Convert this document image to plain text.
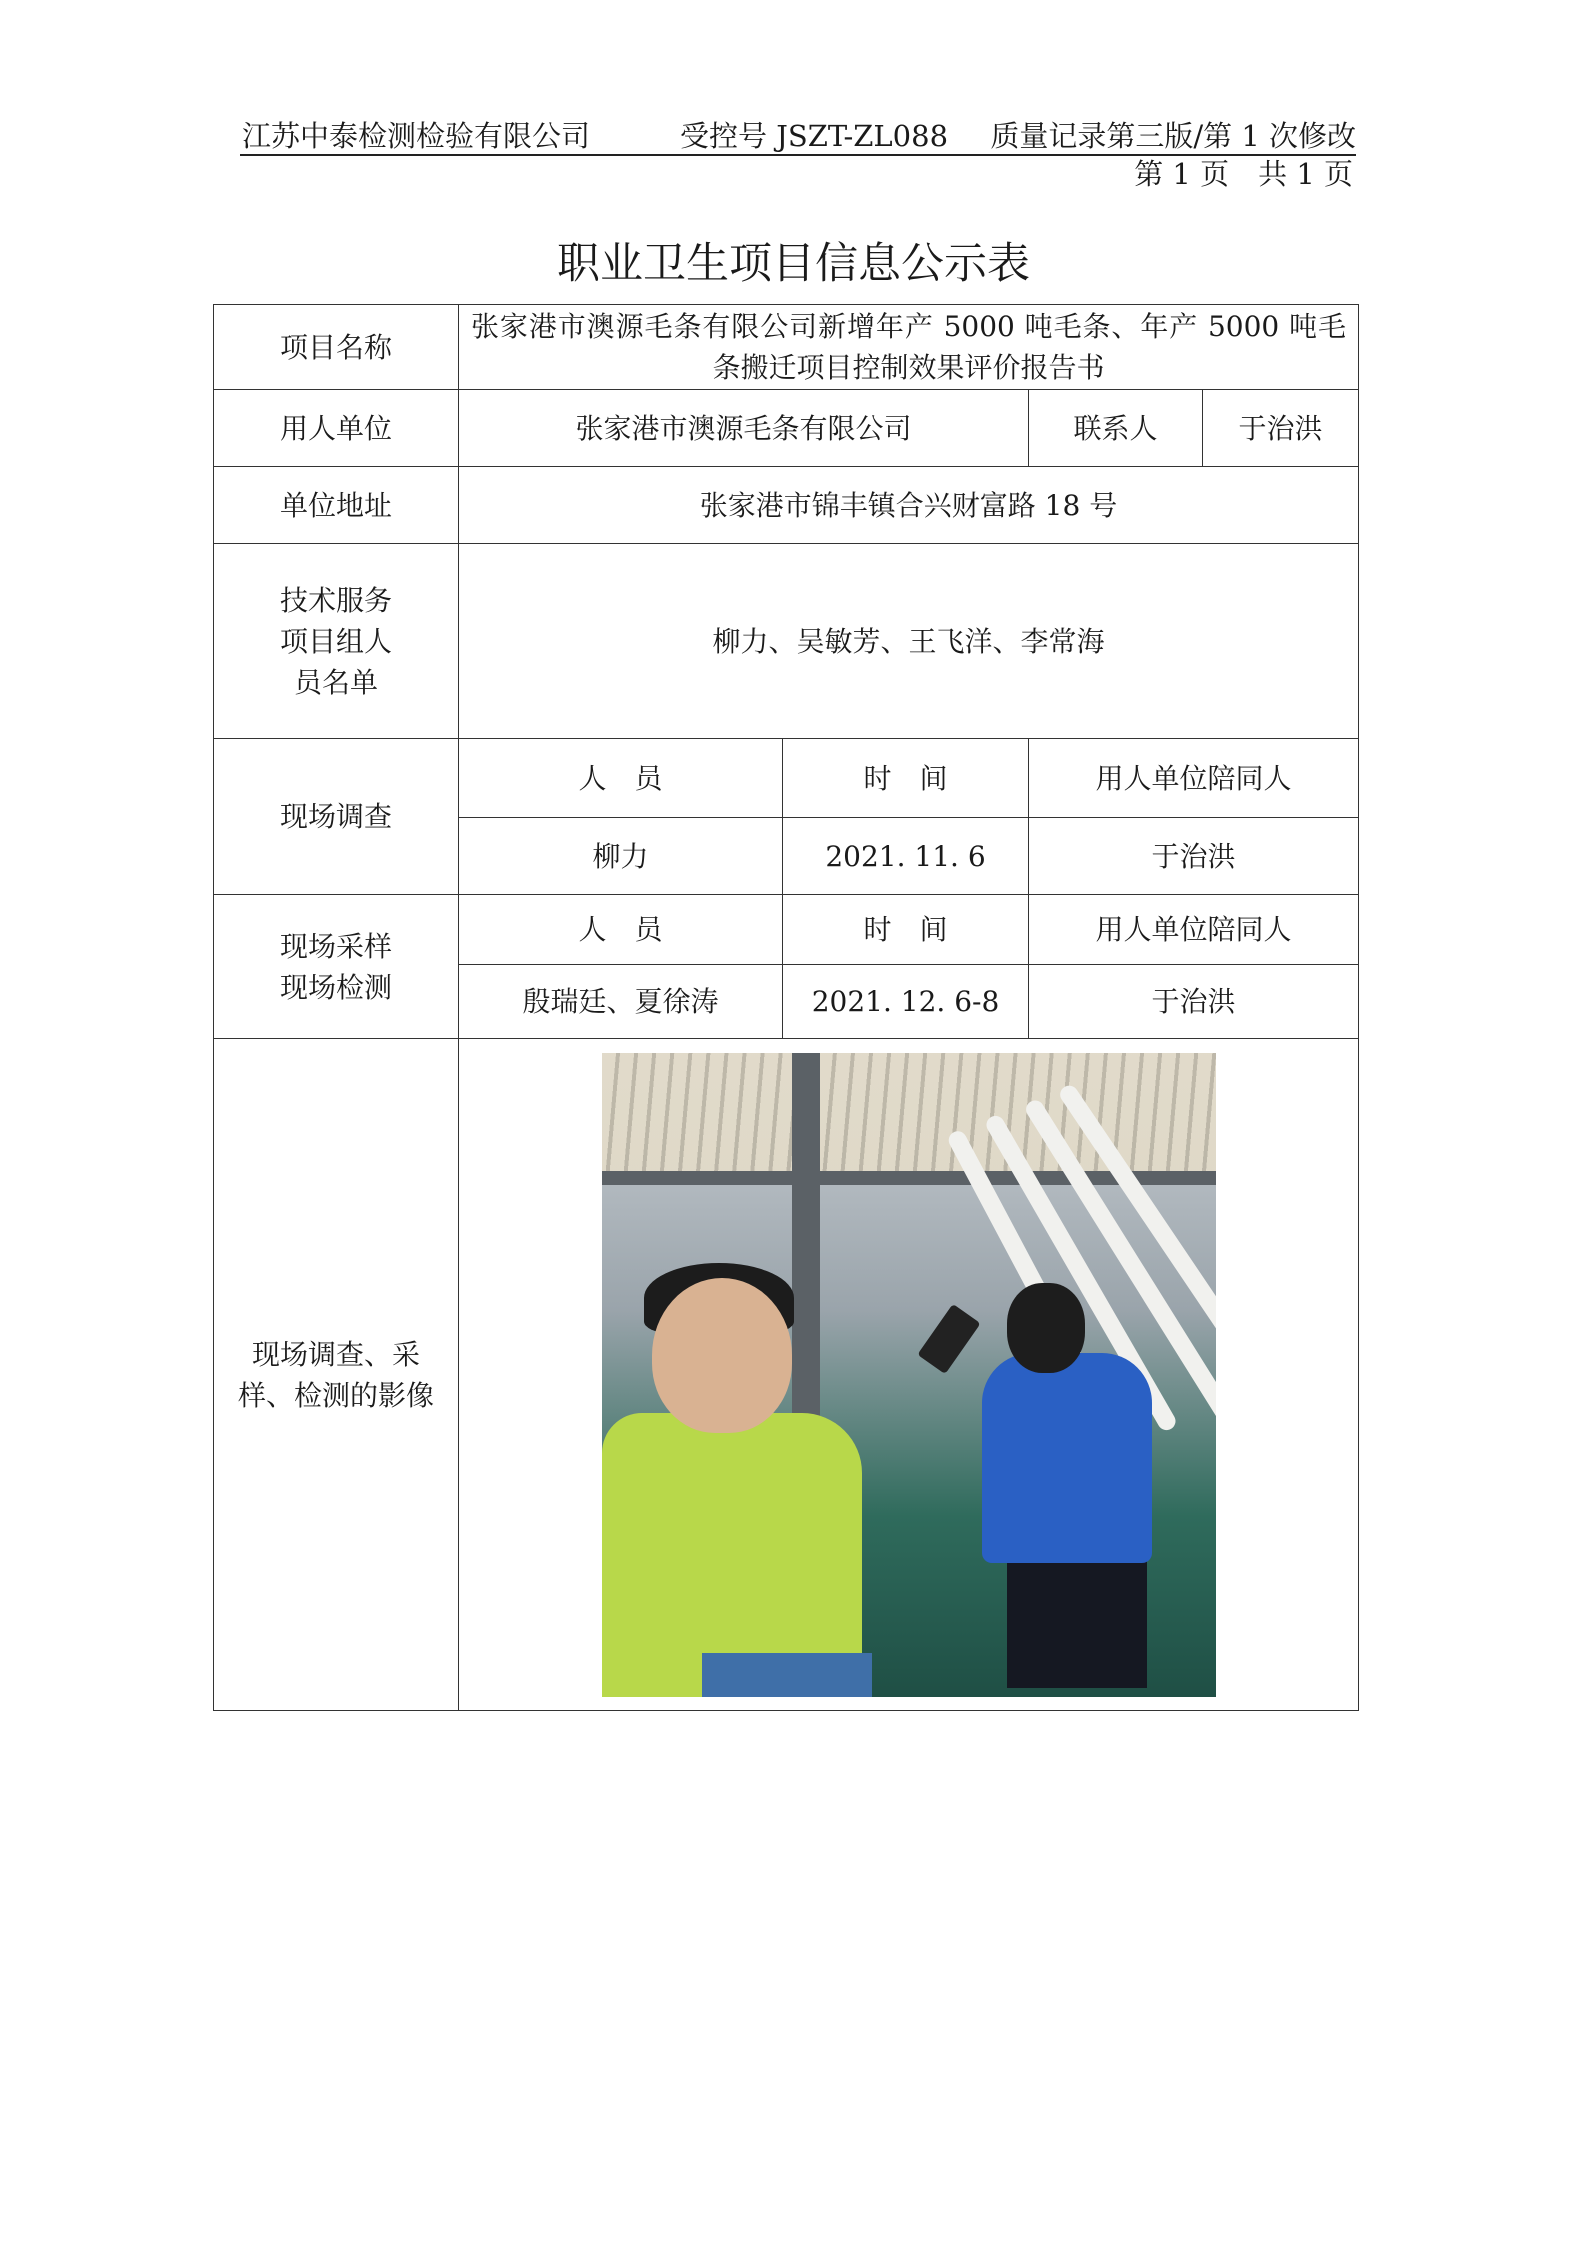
江苏中泰检测检验有限公司	受控号 JSZT-ZL088 质量记录第三版/第 1 次修改
第 1 页　共 1 页
职业卫生项目信息公示表
项目名称	张家港市澳源毛条有限公司新增年产 5000 吨毛条、年产 5000 吨毛条搬迁项目控制效果评价报告书			
用人单位	张家港市澳源毛条有限公司		联系人	于治洪
单位地址	张家港市锦丰镇合兴财富路 18 号			
技术服务项目组人员名单	柳力、吴敏芳、王飞洋、李常海			
现场调查	人　员	时　间	用人单位陪同人	
	柳力	2021. 11. 6	于治洪	
现场采样现场检测	人　员	时　间	用人单位陪同人	
	殷瑞廷、夏徐涛	2021. 12. 6-8	于治洪	
现场调查、采样、检测的影像				
